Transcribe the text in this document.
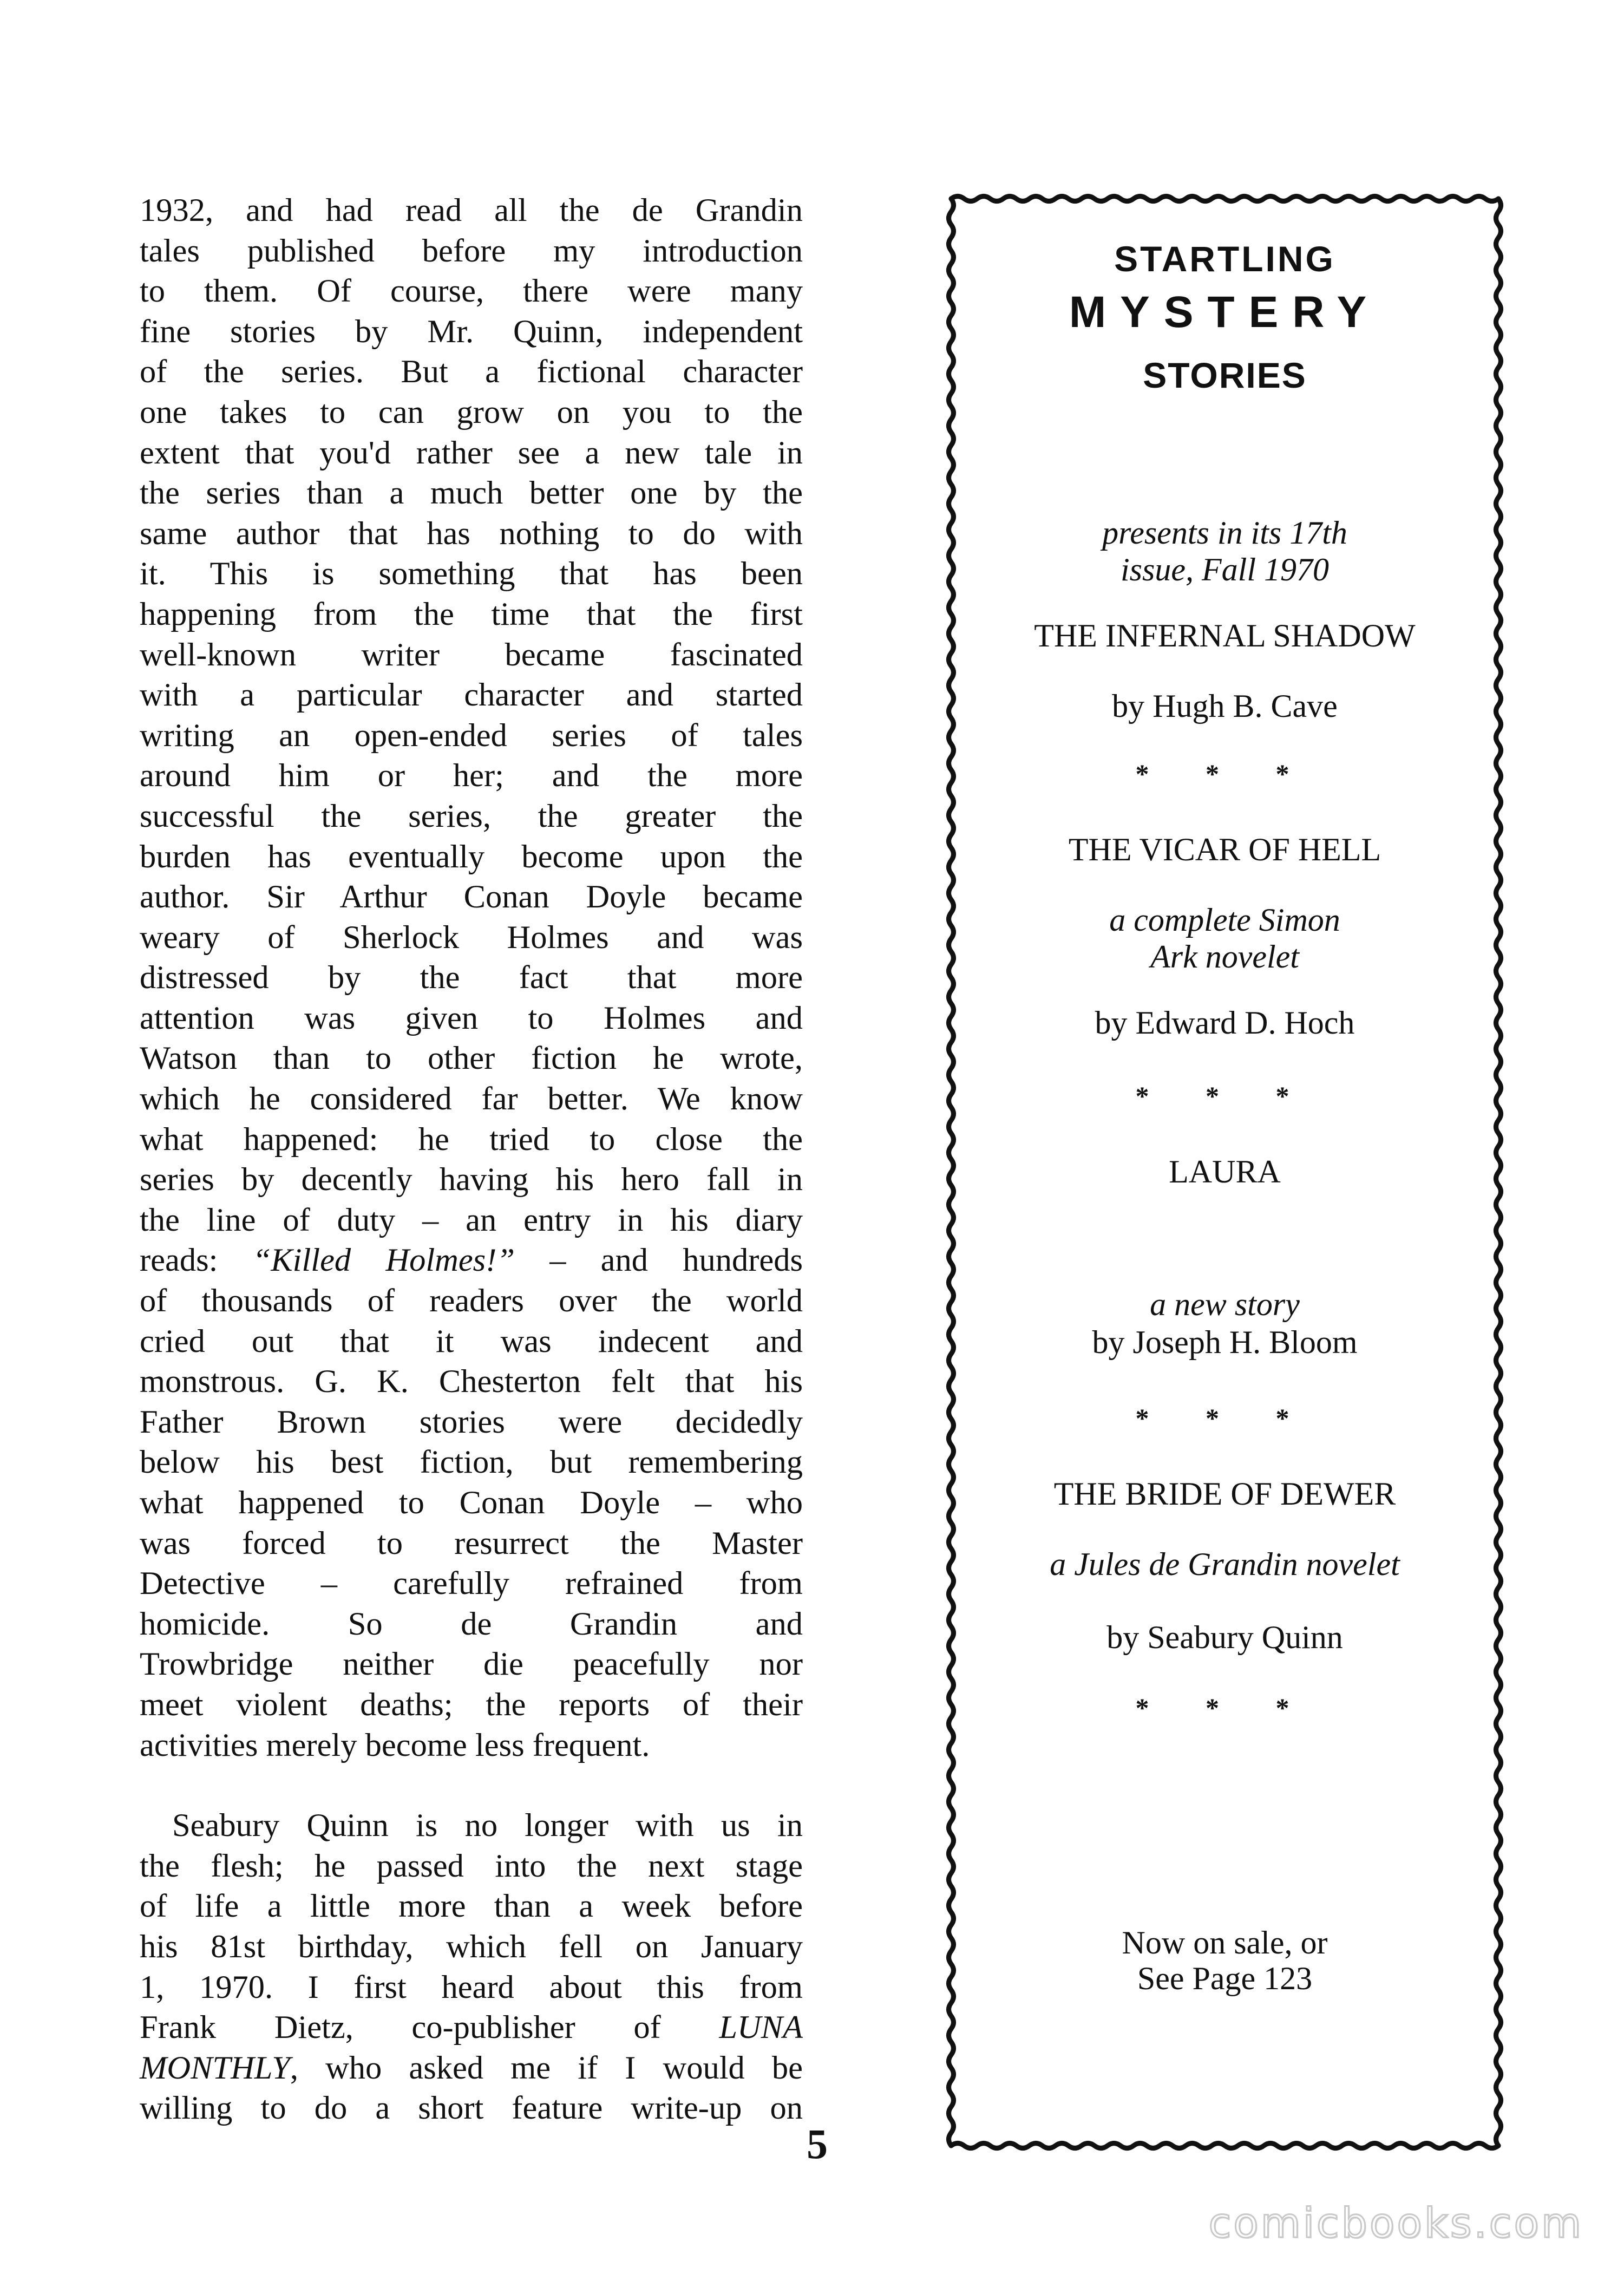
1932, and had read all the de Grandin
tales published before my introduction
to them. Of course, there were many
fine stories by Mr. Quinn, independent
of the series. But a fictional character
one takes to can grow on you to the
extent that you'd rather see a new tale in
the series than a much better one by the
same author that has nothing to do with
it. This is something that has been
happening from the time that the first
well-known writer became fascinated
with a particular character and started
writing an open-ended series of tales
around him or her; and the more
successful the series, the greater the
burden has eventually become upon the
author. Sir Arthur Conan Doyle became
weary of Sherlock Holmes and was
distressed by the fact that more
attention was given to Holmes and
Watson than to other fiction he wrote,
which he considered far better. We know
what happened: he tried to close the
series by decently having his hero fall in
the line of duty – an entry in his diary
reads: “Killed Holmes!” – and hundreds
of thousands of readers over the world
cried out that it was indecent and
monstrous. G. K. Chesterton felt that his
Father Brown stories were decidedly
below his best fiction, but remembering
what happened to Conan Doyle – who
was forced to resurrect the Master
Detective – carefully refrained from
homicide. So de Grandin and
Trowbridge neither die peacefully nor
meet violent deaths; the reports of their
activities merely become less frequent.
Seabury Quinn is no longer with us in
the flesh; he passed into the next stage
of life a little more than a week before
his 81st birthday, which fell on January
1, 1970. I first heard about this from
Frank Dietz, co-publisher of LUNA
MONTHLY, who asked me if I would be
willing to do a short feature write-up on
5
STARTLING
MYSTERY
STORIES
presents in its 17th
issue, Fall 1970
THE INFERNAL SHADOW
by Hugh B. Cave
* * *
THE VICAR OF HELL
a complete Simon
Ark novelet
by Edward D. Hoch
* * *
LAURA
a new story
by Joseph H. Bloom
* * *
THE BRIDE OF DEWER
a Jules de Grandin novelet
by Seabury Quinn
* * *
Now on sale, or
See Page 123
comicbooks.com
